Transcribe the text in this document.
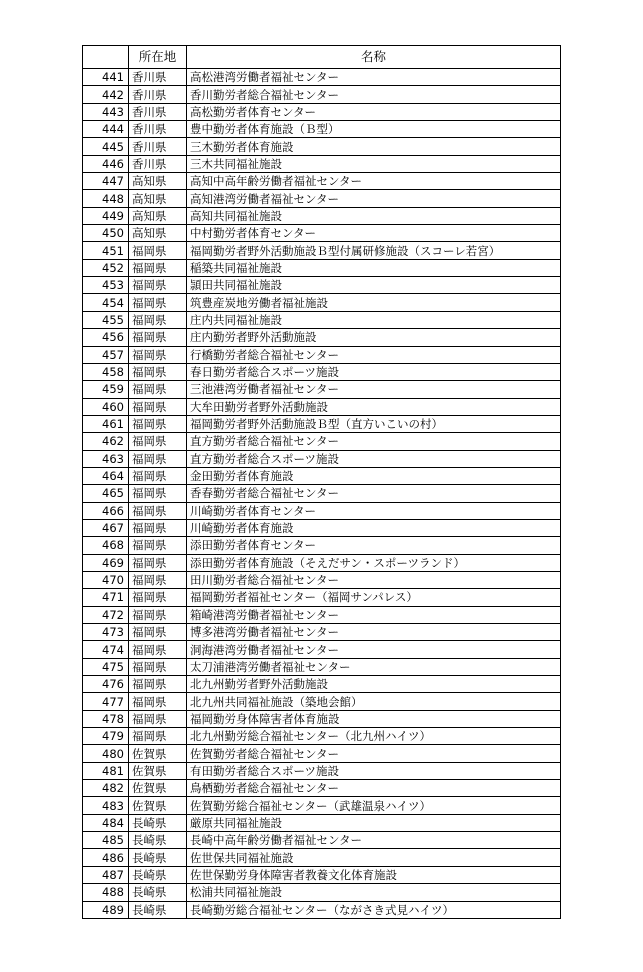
	所在地	名称
441	香川県	高松港湾労働者福祉センター
442	香川県	香川勤労者総合福祉センター
443	香川県	高松勤労者体育センター
444	香川県	豊中勤労者体育施設（Ｂ型）
445	香川県	三木勤労者体育施設
446	香川県	三木共同福祉施設
447	高知県	高知中高年齢労働者福祉センター
448	高知県	高知港湾労働者福祉センター
449	高知県	高知共同福祉施設
450	高知県	中村勤労者体育センター
451	福岡県	福岡勤労者野外活動施設Ｂ型付属研修施設（スコーレ若宮）
452	福岡県	稲築共同福祉施設
453	福岡県	頴田共同福祉施設
454	福岡県	筑豊産炭地労働者福祉施設
455	福岡県	庄内共同福祉施設
456	福岡県	庄内勤労者野外活動施設
457	福岡県	行橋勤労者総合福祉センター
458	福岡県	春日勤労者総合スポーツ施設
459	福岡県	三池港湾労働者福祉センター
460	福岡県	大牟田勤労者野外活動施設
461	福岡県	福岡勤労者野外活動施設Ｂ型（直方いこいの村）
462	福岡県	直方勤労者総合福祉センター
463	福岡県	直方勤労者総合スポーツ施設
464	福岡県	金田勤労者体育施設
465	福岡県	香春勤労者総合福祉センター
466	福岡県	川崎勤労者体育センター
467	福岡県	川崎勤労者体育施設
468	福岡県	添田勤労者体育センター
469	福岡県	添田勤労者体育施設（そえだサン・スポーツランド）
470	福岡県	田川勤労者総合福祉センター
471	福岡県	福岡勤労者福祉センター（福岡サンパレス）
472	福岡県	箱崎港湾労働者福祉センター
473	福岡県	博多港湾労働者福祉センター
474	福岡県	洞海港湾労働者福祉センター
475	福岡県	太刀浦港湾労働者福祉センター
476	福岡県	北九州勤労者野外活動施設
477	福岡県	北九州共同福祉施設（築地会館）
478	福岡県	福岡勤労身体障害者体育施設
479	福岡県	北九州勤労総合福祉センター（北九州ハイツ）
480	佐賀県	佐賀勤労者総合福祉センター
481	佐賀県	有田勤労者総合スポーツ施設
482	佐賀県	鳥栖勤労者総合福祉センター
483	佐賀県	佐賀勤労総合福祉センター（武雄温泉ハイツ）
484	長崎県	厳原共同福祉施設
485	長崎県	長崎中高年齢労働者福祉センター
486	長崎県	佐世保共同福祉施設
487	長崎県	佐世保勤労身体障害者教養文化体育施設
488	長崎県	松浦共同福祉施設
489	長崎県	長崎勤労総合福祉センター（ながさき式見ハイツ）
